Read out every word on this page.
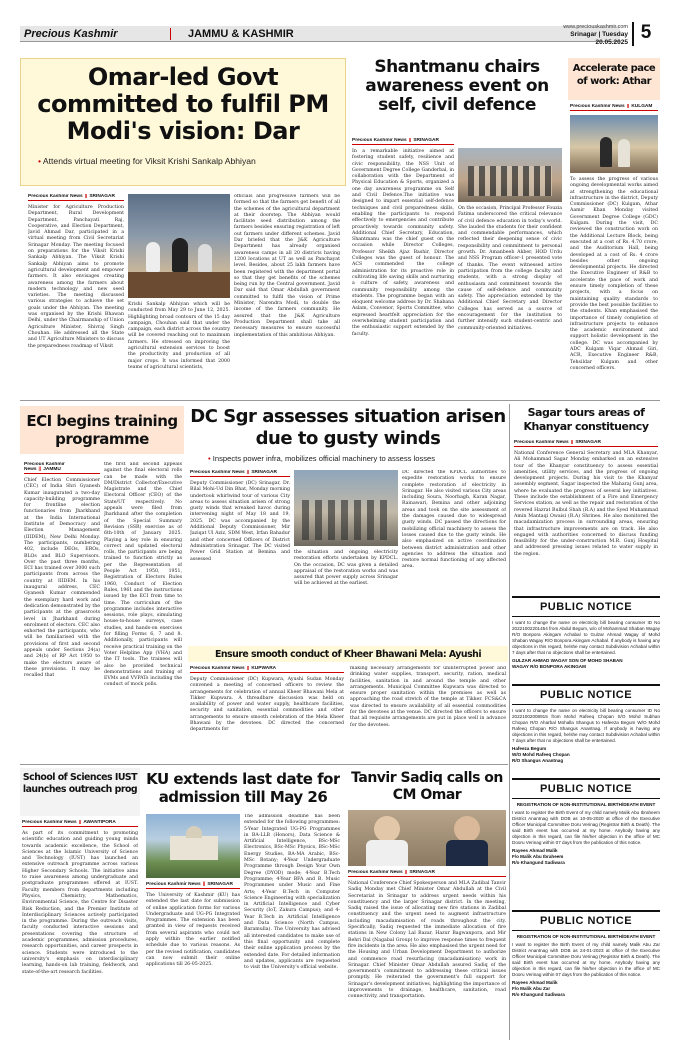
Precious Kashmir	JAMMU & KASHMIR
www.preciouskashmir.com
Srinagar | Tuesday
20.05.2025 5
Omar-led Govt committed to fulfil PM Modi's vision: Dar
• Attends virtual meeting for Viksit Krishi Sankalp Abhiyan
Precious Kashmir News || SRINAGAR
Minister for Agriculture Production Department, Rural Development Department, Panchayati Raj, Cooperative, and Election Department, Javid Ahmad Dar, participated in a virtual meeting from Civil Secretariat Srinagar Monday. The meeting focused on preparations for the Viksit Krishi Sankalp Abhiyan. The Viksit Krishi Sankalp Abhiyan aims to promote agricultural development and empower farmers. It also envisages creating awareness among the farmers about modern technology and new seed varieties. The meeting discussed various strategies to achieve the set goals under the Abhiyan. The meeting was organised by the Krishi Bhawan Delhi, under the Chairmanship of Union Agriculture Minister, Shivraj Singh Chouhan. He addressed all the State and UT Agriculture Ministers to discuss the preparedness roadmap of Viksit
Krishi Sankalp Abhiyan which will be conducted from May 29 to June 12, 2025. Highlighting broad contours of the 15 day campaign, Chouhan said that under the campaign, each district across the country will be covered reaching out to maximum farmers. He stressed on improving the agricultural extension services to boost the productivity and production of all major crops. It was informed that 2000 teams of agricultural scientists,
officials and progressive farmers will be formed so that the farmers get benefit of all the schemes of the agricultural department at their doorstep. The Abhiyan would facilitate seed distribution among the farmers besides ensuring registration of left out farmers under different schemes. Javid Dar briefed that the J&K Agriculture Department has already organised awareness camps in all 20 districts having 1200 locations at UT as well as Panchayat level. Besides, about 25 lakh farmers have been registered with the department portal so that they get benefits of the schemes being run by the Central government. Javid Dar said that Omar Abdullah government committed to fulfil the vision of Prime Minister, Narendra Modi, to double the income of the farmers community. He assured that the J&K Agriculture Production Department shall take all necessary measures to ensure successful implementation of this ambitious Abhiyan.
Shantmanu chairs awareness event on self, civil defence
Precious Kashmir News || SRINAGAR
In a remarkable initiative aimed at fostering student safety, resilience and civic responsibility, the NSS Unit of Government Degree College Ganderbal, in collaboration with the Department of Physical Education & Sports, organized a one day awareness programme on Self and Civil Defence.The initiative was designed to impart essential self-defence techniques and civil preparedness skills, enabling the participants to respond effectively to emergencies and contribute proactively towards community safety. Additional Chief Secretary, Education, Shantmanu was the chief guest on the occasion while Director Colleges, Professor Sheikh Ajaz Bashir, Director Colleges was the guest of honour. The ACS commended the college administration for its proactive role in cultivating life saving skills and nurturing a culture of safety, awareness and community responsibility among the students. The programme began with an eloquent welcome address by Dr. Shabana Aslam, Convenor, Sports Committee, who expressed heartfelt appreciation for the overwhelming student participation and the enthusiastic support extended by the faculty.
On the occasion, Principal Professor Fouzia Fatima underscored the critical relevance of civil defence education in today's world. She lauded the students for their confident and commendable performances, which reflected their deepening sense of civic responsibility and commitment to personal growth. Dr. Amanbeeb Akber, HOD Urdu and NSS Program officer-1 presented vote of thanks. The event witnessed active participation from the college faculty and students, with a strong display of enthusiasm and commitment towards the cause of self-defence and community safety. The appreciation extended by the Additional Chief Secretary and Director Colleges has served as a source of encouragement for the institution to further intensify such student-centric and community-oriented initiatives.
Accelerate pace of work: Athar
Precious Kashmir News || KULGAM
To assess the progress of various ongoing developmental works aimed at strengthening the educational infrastructure in the district, Deputy Commissioner (DC) Kulgam, Athar Aamir Khan Monday visited Government Degree College (GDC) Kulgam. During the visit, DC reviewed the construction work on the Additional Lecture Block, being executed at a cost of Rs. 4.70 crore, and the Auditorium Hall, being developed at a cost of Rs. 4 crore besides other ongoing developmental projects. He directed the Executive Engineer of R&B to accelerate the pace of work and ensure timely completion of these projects, with a focus on maintaining quality standards to provide the best possible facilities to the students. Khan emphasised the importance of timely completion of infrastructure projects to enhance the academic environment and support holistic development in the college. DC was accompanied by ADC Kulgam Viqar Ahmad Giri, ACR, Executive Engineer R&B, Tehsildar Kulgam and other concerned officers.
ECI begins training programme
Precious Kashmir News || JAMMU
Chief Election Commissioner (CEC) of India Shri Gyanesh Kumar inaugurated a two-day capacity-building programme for frontline election functionaries from Jharkhand at the India International Institute of Democracy and Election Management (IIIDEM), New Delhi Monday. The participants, numbering 402, include DEOs, EROs, BLOs and BLO Supervisors. Over the past three months, ECI has trained over 3000 such participants from across the country at IIIDEM. In his inaugural address, CEC Gyanesh Kumar commended the exemplary hard work and dedication demonstrated by the participants at the grassroots level in Jharkhand during enrolment of electors. CEC also exhorted the participants, who will be familiarised with the provisions of first and second appeals under Sections 24(a) and 24(b) of RP Act 1950 to make the electors aware of these provisions. It may be recalled that
the first and second appeals against the final electoral rolls can be made with the DM/District Collector/Executive Magistrate and the Chief Electoral Officer (CEO) of the State/UT respectively. No appeals were filed from Jharkhand after the completion of the Special Summary Revision (SSR) exercise as of 6th-10th of January 2025. Playing a key role in ensuring correct and updated electoral rolls, the participants are being trained to function strictly as per the Representation of People Act 1950, 1951, Registration of Electors Rules 1960, Conduct of Election Rules, 1961 and the instructions issued by the ECI from time to time. The curriculum of the programme includes interactive sessions, role plays, simulating house-to-house surveys, case studies, and hands-on exercises for filling Forms 6, 7 and 8. Additionally, participants will receive practical training on the Voter Helpline App (VHA) and the IT tools. The trainees will also be provided technical demonstrations and training of EVMs and VVPATs including the conduct of mock polls.
DC Sgr assesses situation arisen due to gusty winds
• Inspects power infra, mobilizes official machinery to assess losses
Precious Kashmir News || SRINAGAR
Deputy Commissioner (DC) Srinagar, Dr. Bilal Mohi-Ud Din Bhat, Monday morning undertook whirlwind tour of various City areas to assess situation arisen of strong gusty winds that wreaked havoc during intervening night of May 18 and 19, 2025. DC was accompanied by the Additional Deputy Commissioner, Mir Jaziqat Ul Aziz, SDM West, Irfan Bahadur and other concerned Officers of District Administration Srinagar. The DC visited Power Grid Station at Bemina and assessed
the situation and ongoing electricity restoration efforts undertaken by KPDCL. On the occasion, DC was given a detailed appraisal of the restoration works and was assured that power supply across Srinagar will be achieved at the earliest.
DC directed the KPDCL authorities to expedite restoration works to ensure complete restoration of electricity in Srinagar. He also visited various City areas including Soura, Noorbagh, Karan Nagar, Rainawari, Bemina and other adjoining areas and took on the site assessment of the damages caused due to widespread gusty winds. DC passed the directions for mobilizing official machinery to assess the losses caused due to the gusty winds. He also emphasized on active coordination between district administration and other agencies to address the situation and restore normal functioning of any affected area.
Ensure smooth conduct of Kheer Bhawani Mela: Ayushi
Precious Kashmir News || KUPWARA
Deputy Commissioner (DC) Kupwara, Ayushi Sudan Monday convened a meeting of concerned officers to review the arrangements for celebration of annual Kheer Bhawani Mela at Tikker Kupwara. A threadbare discussion was held on availability of power and water supply, healthcare facilities, security and sanitation, essential commodities and other arrangements to ensure smooth celebration of the Mela Kheer Bhawani by the devotees. DC directed the concerned departments for
making necessary arrangements for uninterrupted power and drinking water supplies, transport, security, ration, medical facilities, sanitation in and around the temple and other arrangements. Municipal Committee Kupwara was directed to ensure proper sanitation within the premises as well as approaching the road stretch of the temple at Tikker. FCS&CA was directed to ensure availability of all essential commodities for the devotees at the venue. DC directed the officers to ensure that all requisite arrangements are put in place well in advance for the devotees.
Sagar tours areas of Khanyar constituency
Precious Kashmir News || SRINAGAR
National Conference General Secretary and MLA Khanyar, Ali Mohammad Sagar Monday embarked on an extensive tour of the Khanyar constituency to assess essential amenities, utility services, and the progress of ongoing development projects. During his visit to the Khanyar assembly segment, Sagar inspected the Maharaj Gunj area, where he evaluated the progress of several key initiatives. These include the establishment of a Fire and Emergency Services station, as well as the repair and restoration of the revered Hazrat Bulbul Shah (R.A) and the Syed Muhammad Amin Mantaqi Owaisi (R.A) Shrines. He also monitored the macadamization process in surrounding areas, ensuring that infrastructure improvements are on track. He also engaged with authorities concerned to discuss funding feasibility for the under-construction M.R. Gunj Hospital and addressed pressing issues related to water supply in the region.
PUBLIC NOTICE
I want to change the name on electricity bill bearing consumer ID No 20221002201454 from Abdul Begum, w/o of Mohammad Shaban Wagay R/O Bonpora Akingam Achabal to Gulzar Ahmad Wagay of Mohd Shaban Wagay R/O Bonpora Akingam Achabal. If anybody is having any objections in this regard, he/she may contact Subdivision Achabal within 7 days after that no objections shall be entertained.
GULZAR AHMAD WAGAY SON OF MOHD SHABAN
WAGAY R/O BONPORA AKINGAM
PUBLIC NOTICE
I want to change the name on electricity bill bearing consumer ID No 20221002008915 from Mohd Rafeeq Chopan S/O Mohd Subhan Chopan R/O Aharbal Mohalla Shangus to Hafeeza Begum W/O Mohd Rafeeq Chopan R/O Shangus Anantnag. If anybody is having any objections in this regard, he/she may contact Subdivision Achabal within 7 days after that no objections shall be entertained.
Hafeeza Begum
W/O Mohd Rafeeq Chopan
R/O Shangus Anantnag
PUBLIC NOTICE
REGISTRATION OF NON-INSTITUTIONAL BIRTH/DEATH EVENT
I want to register the Birth Event of my child namely Malik Abu Ibraheem District Anantnag with DOB as 10-05-2020 at office of the Executive Officer Municipal Committee Doru Verinag (Registrar Birth & Death). The said Birth event has occurred at my home. Anybody having any objection in this regard, can file his/her objection in the office of MC Dooru Verinag within 07 days from the publication of this notice.
Rayees Ahmad Malik
F/o Malik Abu Ibraheem
R/o Khangund Sadiwara
PUBLIC NOTICE
REGISTRATION OF NON-INSTITUTIONAL BIRTH/DEATH EVENT
I want to register the Birth Event of my child namely Malik Abu Zar District Anantnag with DOB as 24-01-2023 at office of the Executive Officer Municipal Committee Doru Verinag (Registrar Birth & Death). The said Birth event has occurred at my home. Anybody having any objection in this regard, can file his/her objection in the office of MC Dooru Verinag within 07 days from the publication of this notice.
Rayees Ahmad Malik
F/o Malik Abu Zar
R/o Khangund Sadiwara
School of Sciences IUST launches outreach prog
Precious Kashmir News || AWANTIPORA
As part of its commitment to promoting scientific education and guiding young minds towards academic excellence, the School of Sciences at the Islamic University of Science and Technology (IUST) has launched an extensive outreach programme across various Higher Secondary Schools. The initiative aims to raise awareness among undergraduate and postgraduate programmes offered at IUST. Faculty members from departments including Physics, Chemistry, Mathematics, Environmental Science, the Centre for Disaster Risk Reduction, and the Premier Institute of Interdisciplinary Sciences actively participated in the programme. During the outreach visits, faculty conducted interactive sessions and presentations covering the structure of academic programmes, admission procedures, research opportunities, and career prospects in science. Students were introduced to the university's emphasis on interdisciplinary learning, hands-on lab training, fieldwork, and state-of-the-art research facilities.
KU extends last date for admission till May 26
Precious Kashmir News || SRINAGAR
The University of Kashmir (KU) has extended the last date for submission of online application forms for various Undergraduate and UG-PG Integrated Programmes. The extension has been granted in view of requests received from several aspirants who could not apply within the earlier notified schedule due to various reasons. As per the revised notification, candidates can now submit their online applications till 26-05-2025.
The admission deadline has been extended for the following programmes: 5-Year Integrated UG-PG Programmes in BA-LLB (Honors), Data Science & Artificial Intelligence, BSc-MSc Electronics, BSc-MSc Physics, BSc-MSc Energy Studies, BA-MA Arabic, BSc-MSc Botany; 4-Year Undergraduate Programme through Design Your Own Degree (DYOD) mode; 4-Year B.Tech Programme; 4-Year BFA and B. Music Programmes under Music and Fine Arts; 4-Year B.Tech in Computer Science Engineering with specialization in Artificial Intelligence and Cyber Security (IoT, Zakura Campus); and 4-Year B.Tech in Artificial Intelligence and Data Science (North Campus, Baramulla). The University has advised all interested candidates to make use of this final opportunity and complete their online application process by the extended date. For detailed information and updates, applicants are requested to visit the University's official website.
Tanvir Sadiq calls on CM Omar
Precious Kashmir News || SRINAGAR
National Conference Chief Spokesperson and MLA Zadibal Tanvir Sadiq Monday met Chief Minister Omar Abdullah at the Civil Secretariat in Srinagar to address urgent needs within his constituency and the larger Srinagar district. In the meeting, Sadiq raised the issue of allocating new fire stations in Zadibal constituency and the urgent need to augment infrastructure including macadamisation of roads throughout the city. Specifically, Sadiq requested the immediate allocation of fire stations in New Colony Lal Bazar, Hazur Bagwanpora, and Mir Behri Dal (Nagabal Group) to improve response times to frequent fire incidents in the area. He also emphasised the urgent need for the Housing and Urban Development Department to authorize and commence road resurfacing (macadamisation) work in Srinagar. Chief Minister Omar Abdullah assured Sadiq of the government's commitment to addressing these critical issues promptly. He reiterated the government's full support for Srinagar's development initiatives, highlighting the importance of improvements to drainage, healthcare, sanitation, road connectivity, and transportation.
